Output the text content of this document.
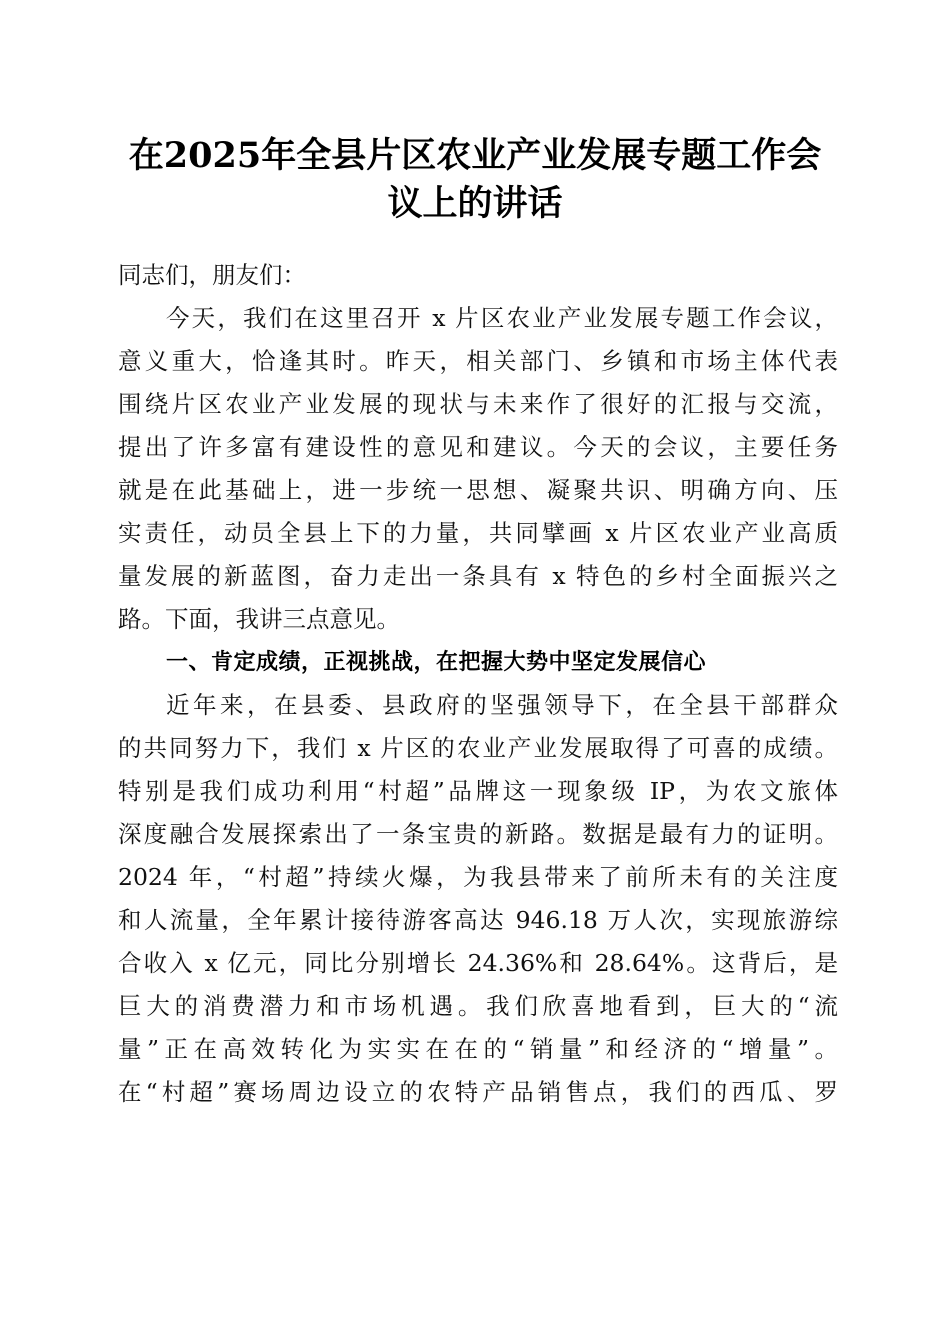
在2025年全县片区农业产业发展专题工作会
议上的讲话
同志们，朋友们：
今天，我们在这里召开 x 片区农业产业发展专题工作会议，
意义重大，恰逢其时。昨天，相关部门、乡镇和市场主体代表
围绕片区农业产业发展的现状与未来作了很好的汇报与交流，
提出了许多富有建设性的意见和建议。今天的会议，主要任务
就是在此基础上，进一步统一思想、凝聚共识、明确方向、压
实责任，动员全县上下的力量，共同擘画 x 片区农业产业高质
量发展的新蓝图，奋力走出一条具有 x 特色的乡村全面振兴之
路。下面，我讲三点意见。
一、肯定成绩，正视挑战，在把握大势中坚定发展信心
近年来，在县委、县政府的坚强领导下，在全县干部群众
的共同努力下，我们 x 片区的农业产业发展取得了可喜的成绩。
特别是我们成功利用“村超”品牌这一现象级 IP，为农文旅体
深度融合发展探索出了一条宝贵的新路。数据是最有力的证明。
2024 年，“村超”持续火爆，为我县带来了前所未有的关注度
和人流量，全年累计接待游客高达 946.18 万人次，实现旅游综
合收入 x 亿元，同比分别增长 24.36%和 28.64%。这背后，是
巨大的消费潜力和市场机遇。我们欣喜地看到，巨大的“流
量”正在高效转化为实实在在的“销量”和经济的“增量”。
在“村超”赛场周边设立的农特产品销售点，我们的西瓜、罗
